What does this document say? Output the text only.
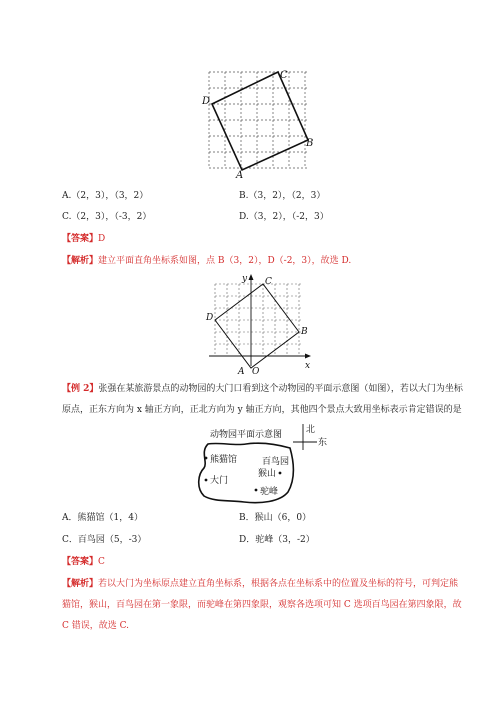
C
D
B
A
A.（2，3），（3，2）	B.（3，2），（2，3）
C.（2，3），（-3，2）	D.（3，2），（-2，3）
【答案】D
【解析】建立平面直角坐标系如图，点 B（3，2），D（-2，3），故选 D.
y C
D
B
A O
x
【例 2】张强在某旅游景点的动物园的大门口看到这个动物园的平面示意图（如图），若以大门为坐标
原点，正东方向为 x 轴正方向，正北方向为 y 轴正方向，其他四个景点大致用坐标表示肯定错误的是
动物园平面示意图	北
东
熊猫馆	百鸟园
猴山
大门
驼峰
A．熊猫馆（1，4）	B．猴山（6，0）
C．百鸟园（5，-3）	D．驼峰（3，-2）
【答案】C
【解析】若以大门为坐标原点建立直角坐标系，根据各点在坐标系中的位置及坐标的符号，可判定熊
猫馆，猴山，百鸟园在第一象限，而驼峰在第四象限，观察各选项可知 C 选项百鸟园在第四象限，故
C 错误，故选 C.
